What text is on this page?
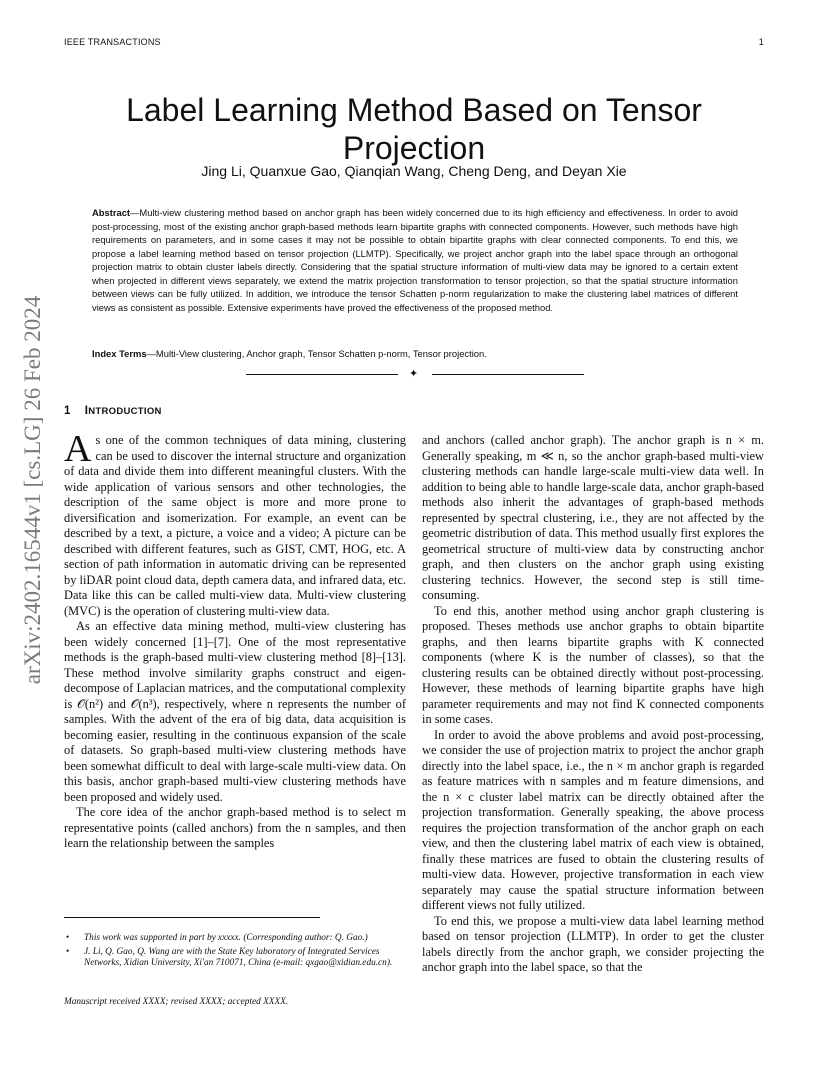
IEEE TRANSACTIONS	1
arXiv:2402.16544v1 [cs.LG] 26 Feb 2024
Label Learning Method Based on Tensor Projection
Jing Li, Quanxue Gao, Qianqian Wang, Cheng Deng, and Deyan Xie
Abstract—Multi-view clustering method based on anchor graph has been widely concerned due to its high efficiency and effectiveness. In order to avoid post-processing, most of the existing anchor graph-based methods learn bipartite graphs with connected components. However, such methods have high requirements on parameters, and in some cases it may not be possible to obtain bipartite graphs with clear connected components. To end this, we propose a label learning method based on tensor projection (LLMTP). Specifically, we project anchor graph into the label space through an orthogonal projection matrix to obtain cluster labels directly. Considering that the spatial structure information of multi-view data may be ignored to a certain extent when projected in different views separately, we extend the matrix projection transformation to tensor projection, so that the spatial structure information between views can be fully utilized. In addition, we introduce the tensor Schatten p-norm regularization to make the clustering label matrices of different views as consistent as possible. Extensive experiments have proved the effectiveness of the proposed method.
Index Terms—Multi-View clustering, Anchor graph, Tensor Schatten p-norm, Tensor projection.
✦
1 INTRODUCTION

As one of the common techniques of data mining, clustering can be used to discover the internal structure and organization of data and divide them into different meaningful clusters. With the wide application of various sensors and other technologies, the description of the same object is more and more prone to diversification and isomerization. For example, an event can be described by a text, a picture, a voice and a video; A picture can be described with different features, such as GIST, CMT, HOG, etc. A section of path information in automatic driving can be represented by liDAR point cloud data, depth camera data, and infrared data, etc. Data like this can be called multi-view data. Multi-view clustering (MVC) is the operation of clustering multi-view data.

As an effective data mining method, multi-view clustering has been widely concerned [1]–[7]. One of the most representative methods is the graph-based multi-view clustering method [8]–[13]. These method involve similarity graphs construct and eigen-decompose of Laplacian matrices, and the computational complexity is 𝒪(n²) and 𝒪(n³), respectively, where n represents the number of samples. With the advent of the era of big data, data acquisition is becoming easier, resulting in the continuous expansion of the scale of datasets. So graph-based multi-view clustering methods have been somewhat difficult to deal with large-scale multi-view data. On this basis, anchor graph-based multi-view clustering methods have been proposed and widely used.

The core idea of the anchor graph-based method is to select m representative points (called anchors) from the n samples, and then learn the relationship between the samples

and anchors (called anchor graph). The anchor graph is n × m. Generally speaking, m ≪ n, so the anchor graph-based multi-view clustering methods can handle large-scale multi-view data well. In addition to being able to handle large-scale data, anchor graph-based methods also inherit the advantages of graph-based methods represented by spectral clustering, i.e., they are not affected by the geometric distribution of data. This method usually first explores the geometrical structure of multi-view data by constructing anchor graph, and then clusters on the anchor graph using existing clustering technics. However, the second step is still time-consuming.

To end this, another method using anchor graph clustering is proposed. Theses methods use anchor graphs to obtain bipartite graphs, and then learns bipartite graphs with K connected components (where K is the number of classes), so that the clustering results can be obtained directly without post-processing. However, these methods of learning bipartite graphs have high parameter requirements and may not find K connected components in some cases.

In order to avoid the above problems and avoid post-processing, we consider the use of projection matrix to project the anchor graph directly into the label space, i.e., the n × m anchor graph is regarded as feature matrices with n samples and m feature dimensions, and the n × c cluster label matrix can be directly obtained after the projection transformation. Generally speaking, the above process requires the projection transformation of the anchor graph on each view, and then the clustering label matrix of each view is obtained, finally these matrices are fused to obtain the clustering results of multi-view data. However, projective transformation in each view separately may cause the spatial structure information between different views not fully utilized.

To end this, we propose a multi-view data label learning method based on tensor projection (LLMTP). In order to get the cluster labels directly from the anchor graph, we consider projecting the anchor graph into the label space, so that the

• This work was supported in part by xxxxx. (Corresponding author: Q. Gao.)
• J. Li, Q. Gao, Q. Wang are with the State Key laboratory of Integrated Services Networks, Xidian University, Xi'an 710071, China (e-mail: qxgao@xidian.edu.cn).
Manuscript received XXXX; revised XXXX; accepted XXXX.
